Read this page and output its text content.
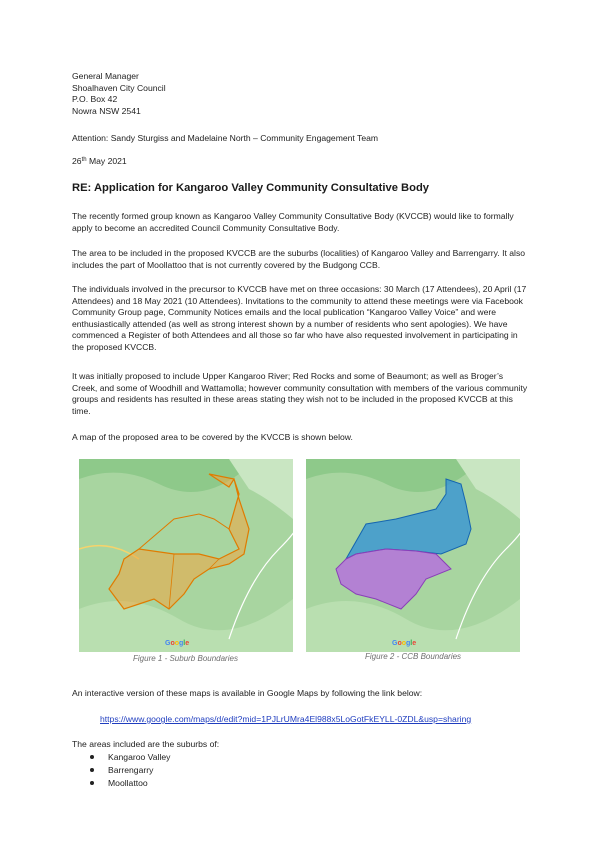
General Manager

Shoalhaven City Council

P.O. Box 42

Nowra NSW 2541

Attention: Sandy Sturgiss and Madelaine North – Community Engagement Team

26th May 2021

RE: Application for Kangaroo Valley Community Consultative Body

The recently formed group known as Kangaroo Valley Community Consultative Body (KVCCB) would like to formally apply to become an accredited Council Community Consultative Body.

The area to be included in the proposed KVCCB are the suburbs (localities) of Kangaroo Valley and Barrengarry. It also includes the part of Moollattoo that is not currently covered by the Budgong CCB.

The individuals involved in the precursor to KVCCB have met on three occasions: 30 March (17 Attendees), 20 April (17 Attendees) and 18 May 2021 (10 Attendees). Invitations to the community to attend these meetings were via Facebook Community Group page, Community Notices emails and the local publication “Kangaroo Valley Voice” and were enthusiastically attended (as well as strong interest shown by a number of residents who sent apologies). We have commenced a Register of both Attendees and all those so far who have also requested involvement in participating in the proposed KVCCB.

It was initially proposed to include Upper Kangaroo River; Red Rocks and some of Beaumont; as well as Broger’s Creek, and some of Woodhill and Wattamolla; however community consultation with members of the various community groups and residents has resulted in these areas stating they wish not to be included in the proposed KVCCB at this time.

A map of the proposed area to be covered by the KVCCB is shown below.

Google

Figure 1 - Suburb Boundaries

Google

Figure 2 - CCB Boundaries

An interactive version of these maps is available in Google Maps by following the link below:

https://www.google.com/maps/d/edit?mid=1PJLrUMra4El988x5LoGotFkEYLL-0ZDL&usp=sharing

The areas included are the suburbs of:

Kangaroo Valley
Barrengarry
Moollattoo
